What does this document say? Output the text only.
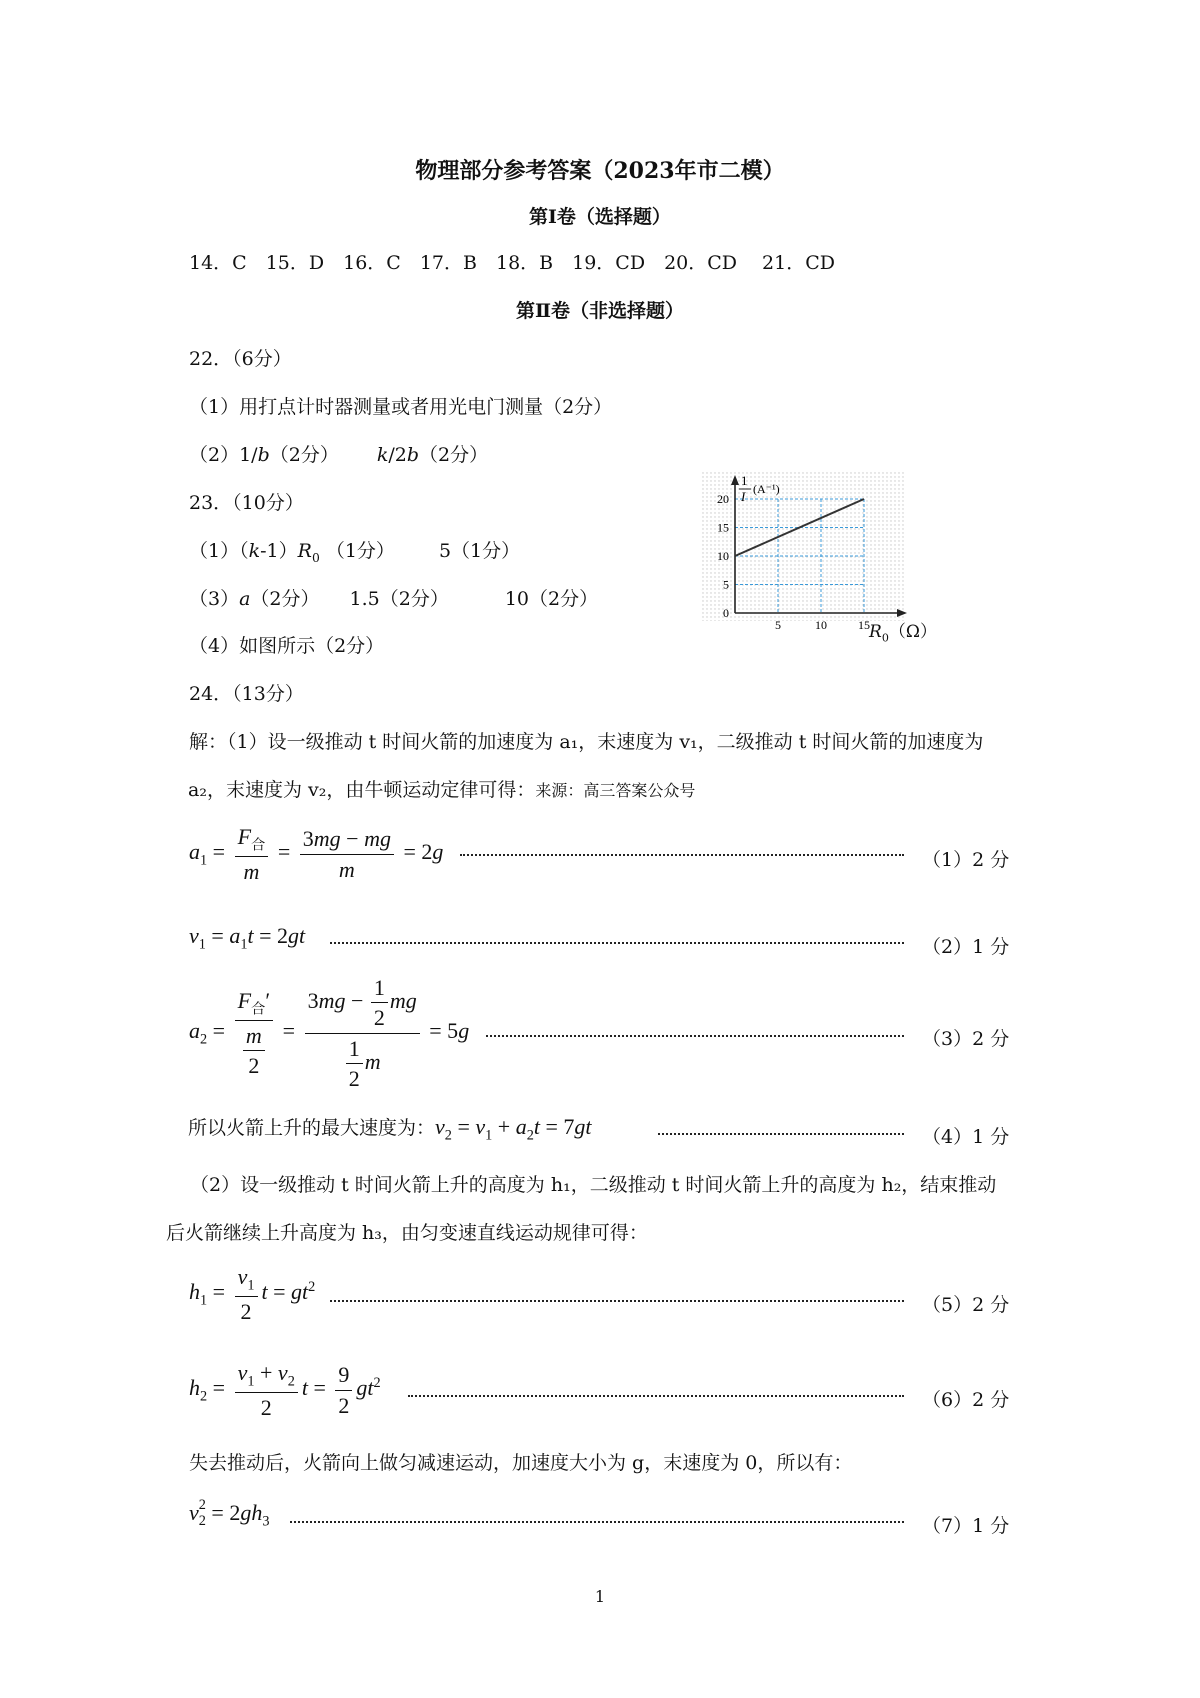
物理部分参考答案（2023年市二模）
第Ⅰ卷（选择题）
14．C　15．D　16．C　17．B　18．B　19．CD　20．CD　 21．CD
第Ⅱ卷（非选择题）
22．（6分）
（1）用打点计时器测量或者用光电门测量（2分）
（2）1/b（2分） k/2b（2分）
23．（10分）
$(1)(k-1)R_0$ （1分） 5（1分）
（3）a（2分） 1.5（2分）	10（2分）
（4）如图所示（2分）
20
15
10
5
0
5	10	15
1
I (A⁻¹)
$R_0(\Omega)$
24．（13分）
解：（1）设一级推动 t 时间火箭的加速度为 a₁，末速度为 v₁，二级推动 t 时间火箭的加速度为
a₂，末速度为 v₂，由牛顿运动定律可得：来源：高三答案公众号
$a_1 = \frac{F_合}{m} = \frac{3mg - mg}{m} = 2g$	（1）2 分
$v_1 = a_1t = 2gt$	（2）1 分
$a_2 = \frac{F_合'}{\frac{m}{2}} = \frac{3mg - \frac{1}{2} mg}{\frac{1}{2} m} = 5g$	（3）2 分
所以火箭上升的最大速度为：$v_2 = v_1 + a_2t = 7gt$	（4）1 分
（2）设一级推动 t 时间火箭上升的高度为 h₁，二级推动 t 时间火箭上升的高度为 h₂，结束推动
后火箭继续上升高度为 h₃，由匀变速直线运动规律可得：
$h_1 = \frac{v_1}{2}$ $t = gt^2$
（5）2 分
$h_2 = \frac{v_1 + v_2}{2}$ $t = \frac{9}{2} gt^2$
（6）2 分
失去推动后，火箭向上做匀减速运动，加速度大小为 g，末速度为 0，所以有：
v $_{2 2} = 2gh_3$	（7）1 分
1
